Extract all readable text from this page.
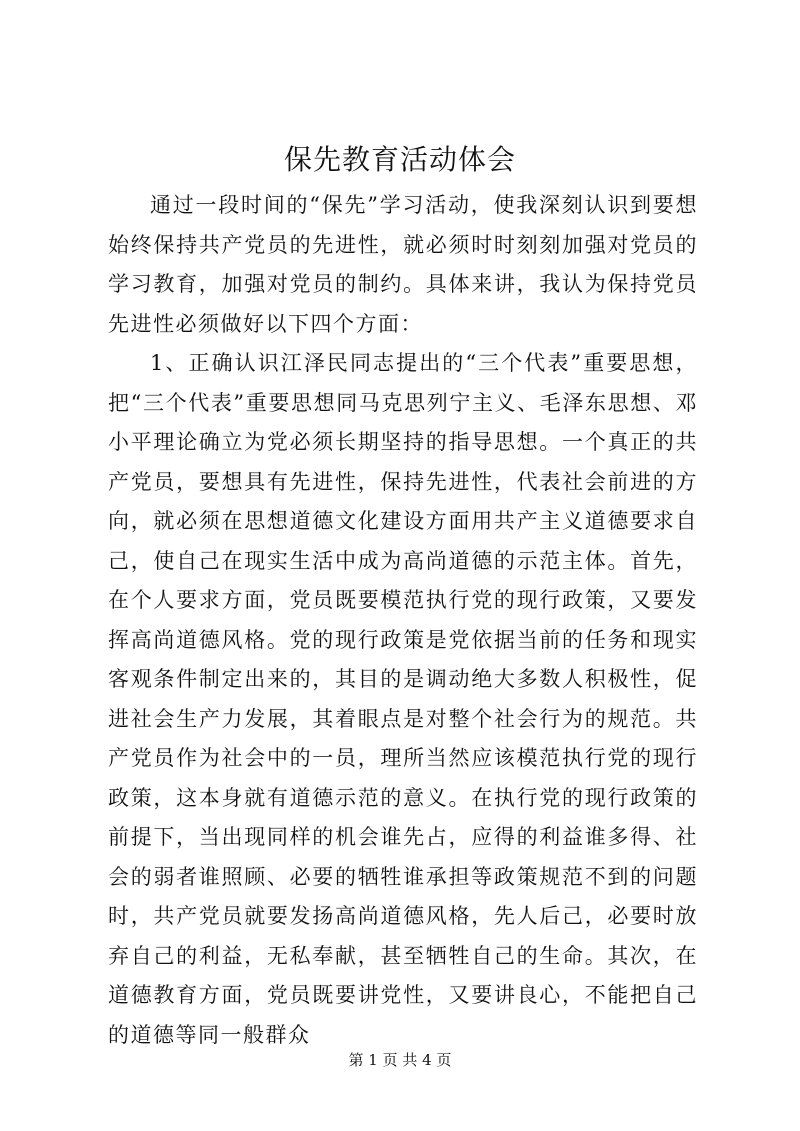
保先教育活动体会

通过一段时间的“保先”学习活动，使我深刻认识到要想始终保持共产党员的先进性，就必须时时刻刻加强对党员的学习教育，加强对党员的制约。具体来讲，我认为保持党员先进性必须做好以下四个方面：

1、正确认识江泽民同志提出的“三个代表”重要思想，把“三个代表”重要思想同马克思列宁主义、毛泽东思想、邓小平理论确立为党必须长期坚持的指导思想。一个真正的共产党员，要想具有先进性，保持先进性，代表社会前进的方向，就必须在思想道德文化建设方面用共产主义道德要求自己，使自己在现实生活中成为高尚道德的示范主体。首先，在个人要求方面，党员既要模范执行党的现行政策，又要发挥高尚道德风格。党的现行政策是党依据当前的任务和现实客观条件制定出来的，其目的是调动绝大多数人积极性，促进社会生产力发展，其着眼点是对整个社会行为的规范。共产党员作为社会中的一员，理所当然应该模范执行党的现行政策，这本身就有道德示范的意义。在执行党的现行政策的前提下，当出现同样的机会谁先占，应得的利益谁多得、社会的弱者谁照顾、必要的牺牲谁承担等政策规范不到的问题时，共产党员就要发扬高尚道德风格，先人后己，必要时放弃自己的利益，无私奉献，甚至牺牲自己的生命。其次，在道德教育方面，党员既要讲党性，又要讲良心，不能把自己的道德等同一般群众

第 1 页 共 4 页
